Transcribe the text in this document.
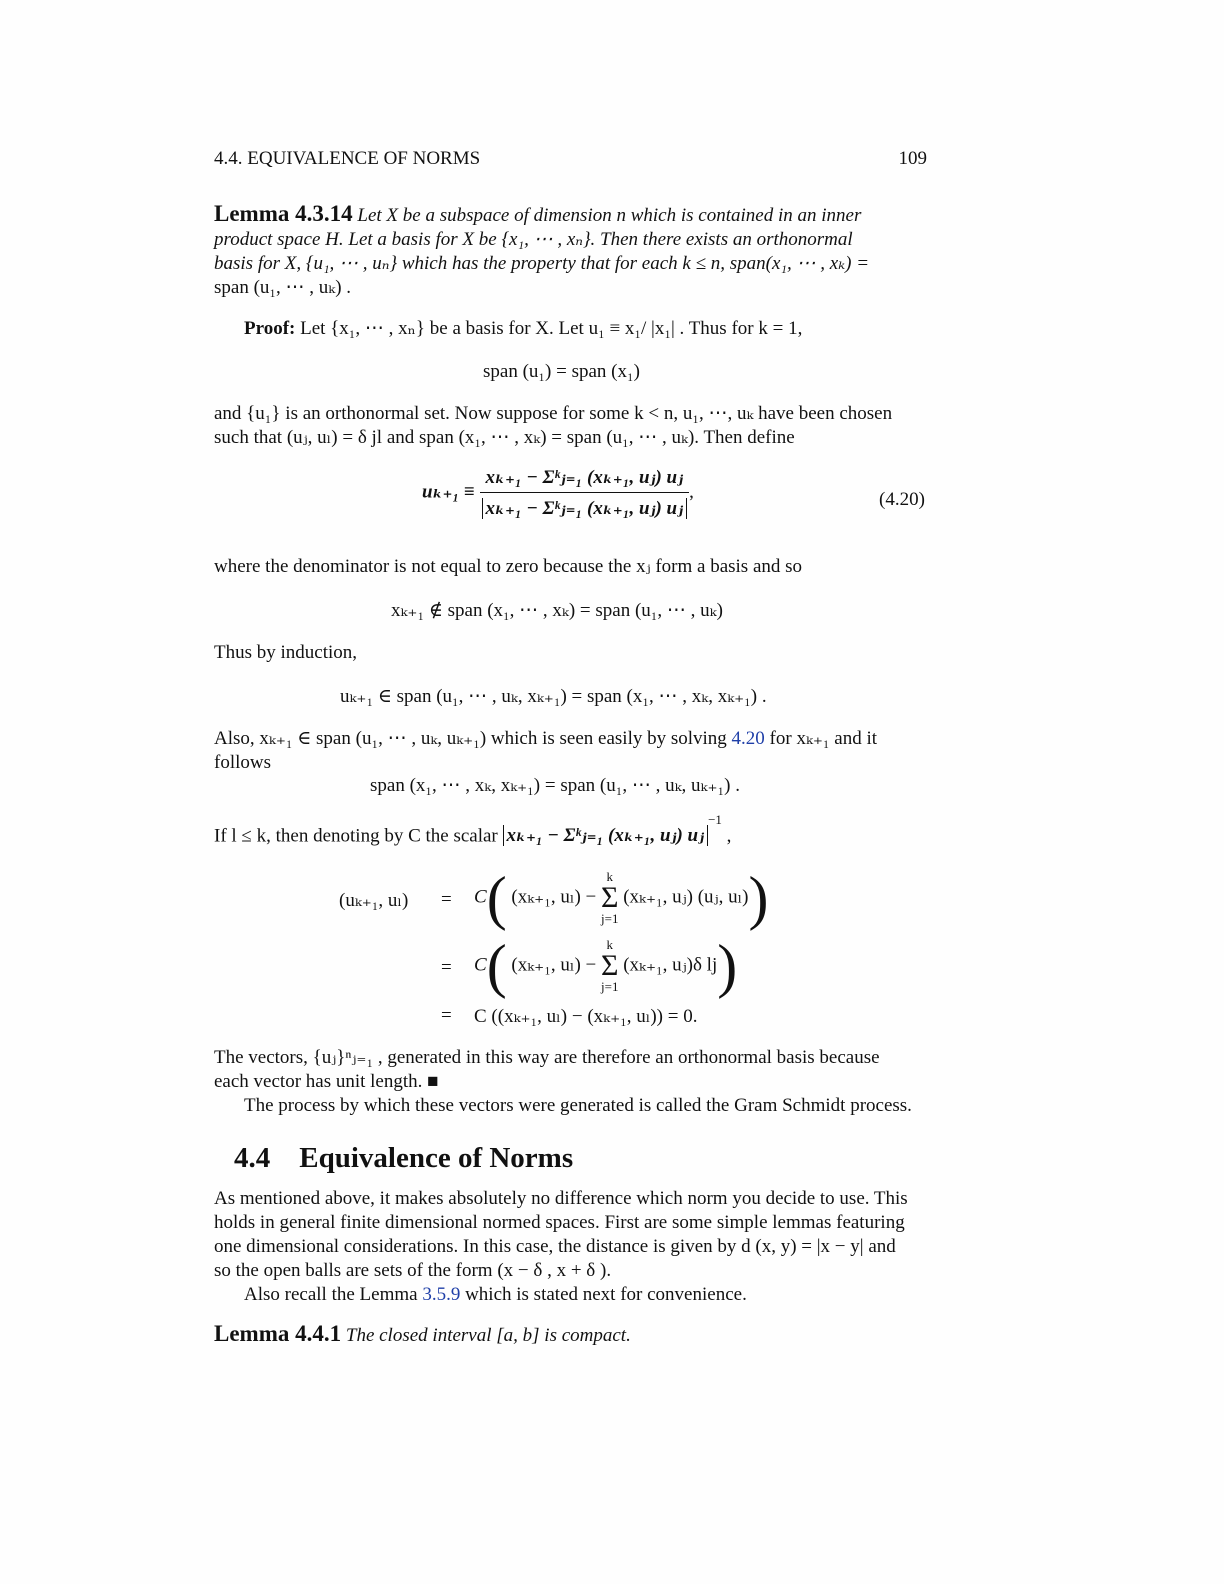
4.4. EQUIVALENCE OF NORMS	109
Lemma 4.3.14 Let X be a subspace of dimension n which is contained in an inner
product space H. Let a basis for X be {x₁, ⋯ , xₙ}. Then there exists an orthonormal
basis for X, {u₁, ⋯ , uₙ} which has the property that for each k ≤ n, span(x₁, ⋯ , xₖ) =
span (u₁, ⋯ , uₖ) .
Proof: Let {x₁, ⋯ , xₙ} be a basis for X. Let u₁ ≡ x₁/ |x₁| . Thus for k = 1,
span (u₁) = span (x₁)
and {u₁} is an orthonormal set. Now suppose for some k < n, u₁, ⋯, uₖ have been chosen
such that (uⱼ, uₗ) = δ jl and span (x₁, ⋯ , xₖ) = span (u₁, ⋯ , uₖ). Then define
$u_{k+1} \equiv \frac{\text{xₖ₊₁ − Σᵏⱼ₌₁ (xₖ₊₁, uⱼ) uⱼ}}{\text{xₖ₊₁ − Σᵏⱼ₌₁ (xₖ₊₁, uⱼ) uⱼ}}$ ,	(4.20)
where the denominator is not equal to zero because the xⱼ form a basis and so
xₖ₊₁ ∉ span (x₁, ⋯ , xₖ) = span (u₁, ⋯ , uₖ)
Thus by induction,
uₖ₊₁ ∈ span (u₁, ⋯ , uₖ, xₖ₊₁) = span (x₁, ⋯ , xₖ, xₖ₊₁) .
Also, xₖ₊₁ ∈ span (u₁, ⋯ , uₖ, uₖ₊₁) which is seen easily by solving 4.20 for xₖ₊₁ and it
follows
span (x₁, ⋯ , xₖ, xₖ₊₁) = span (u₁, ⋯ , uₖ, uₖ₊₁) .
If l ≤ k, then denoting by C the scalar xₖ₊₁ − Σᵏⱼ₌₁ (xₖ₊₁, uⱼ) uⱼ$^{-1}$ ,
(uₖ₊₁, uₗ) =
=
=
C( (xₖ₊₁, uₗ) − k
Σ
j=1 (xₖ₊₁, uⱼ) (uⱼ, uₗ))
C( (xₖ₊₁, uₗ) − k
Σ
j=1 (xₖ₊₁, uⱼ)δ lj)
C ((xₖ₊₁, uₗ) − (xₖ₊₁, uₗ)) = 0.
The vectors, {uⱼ}ⁿⱼ₌₁ , generated in this way are therefore an orthonormal basis because
each vector has unit length. ■
The process by which these vectors were generated is called the Gram Schmidt process.
4.4    Equivalence of Norms
As mentioned above, it makes absolutely no difference which norm you decide to use. This
holds in general finite dimensional normed spaces. First are some simple lemmas featuring
one dimensional considerations. In this case, the distance is given by d (x, y) = |x − y| and
so the open balls are sets of the form (x − δ , x + δ ).
Also recall the Lemma 3.5.9 which is stated next for convenience.
Lemma 4.4.1 The closed interval [a, b] is compact.
